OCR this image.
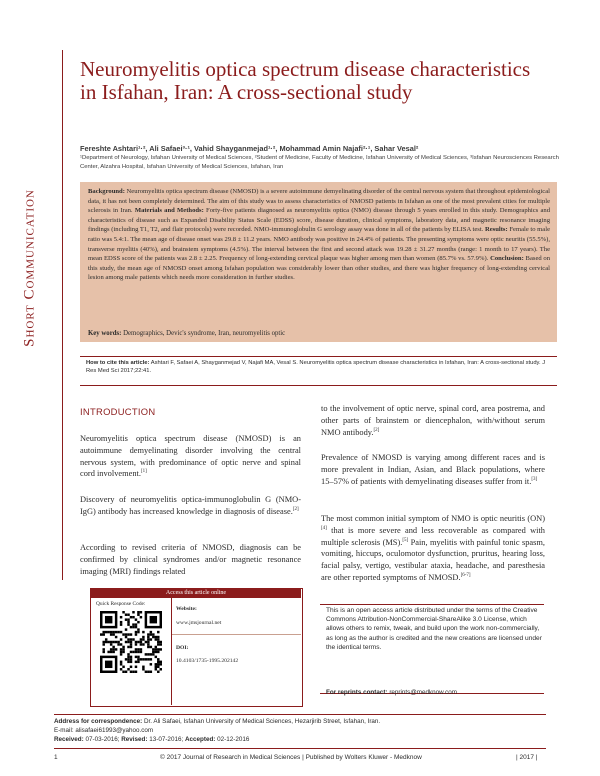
Short Communication
Neuromyelitis optica spectrum disease characteristics in Isfahan, Iran: A cross-sectional study
Fereshte Ashtari¹·², Ali Safaei³·¹, Vahid Shayganmejad¹·², Mohammad Amin Najafi²·¹, Sahar Vesal²
¹Department of Neurology, Isfahan University of Medical Sciences, ²Student of Medicine, Faculty of Medicine, Isfahan University of Medical Sciences, ³Isfahan Neurosciences Research Center, Alzahra Hospital, Isfahan University of Medical Sciences, Isfahan, Iran
Background: Neuromyelitis optica spectrum disease (NMOSD) is a severe autoimmune demyelinating disorder of the central nervous system that throughout epidemiological data, it has not been completely determined. The aim of this study was to assess characteristics of NMOSD patients in Isfahan as one of the most prevalent cities for multiple sclerosis in Iran. Materials and Methods: Forty-five patients diagnosed as neuromyelitis optica (NMO) disease through 5 years enrolled in this study. Demographics and characteristics of disease such as Expanded Disability Status Scale (EDSS) score, disease duration, clinical symptoms, laboratory data, and magnetic resonance imaging findings (including T1, T2, and flair protocols) were recorded. NMO-immunoglobulin G serology assay was done in all of the patients by ELISA test. Results: Female to male ratio was 5.4:1. The mean age of disease onset was 29.8 ± 11.2 years. NMO antibody was positive in 24.4% of patients. The presenting symptoms were optic neuritis (55.5%), transverse myelitis (40%), and brainstem symptoms (4.5%). The interval between the first and second attack was 19.28 ± 31.27 months (range: 1 month to 17 years). The mean EDSS score of the patients was 2.8 ± 2.25. Frequency of long-extending cervical plaque was higher among men than women (85.7% vs. 57.9%). Conclusion: Based on this study, the mean age of NMOSD onset among Isfahan population was considerably lower than other studies, and there was higher frequency of long-extending cervical lesion among male patients which needs more consideration in further studies.
Key words: Demographics, Devic's syndrome, Iran, neuromyelitis optic
How to cite this article: Ashtari F, Safaei A, Shayganmejad V, Najafi MA, Vesal S. Neuromyelitis optica spectrum disease characteristics in Isfahan, Iran: A cross-sectional study. J Res Med Sci 2017;22:41.
INTRODUCTION
Neuromyelitis optica spectrum disease (NMOSD) is an autoimmune demyelinating disorder involving the central nervous system, with predominance of optic nerve and spinal cord involvement.[1]
Discovery of neuromyelitis optica-immunoglobulin G (NMO-IgG) antibody has increased knowledge in diagnosis of disease.[2]
According to revised criteria of NMOSD, diagnosis can be confirmed by clinical syndromes and/or magnetic resonance imaging (MRI) findings related
Access this article online
Quick Response Code:
Website:
www.jmsjournal.net
DOI:
10.4103/1735-1995.202142
to the involvement of optic nerve, spinal cord, area postrema, and other parts of brainstem or diencephalon, with/without serum NMO antibody.[2]
Prevalence of NMOSD is varying among different races and is more prevalent in Indian, Asian, and Black populations, where 15–57% of patients with demyelinating diseases suffer from it.[3]
The most common initial symptom of NMO is optic neuritis (ON)[4] that is more severe and less recoverable as compared with multiple sclerosis (MS).[5] Pain, myelitis with painful tonic spasm, vomiting, hiccups, oculomotor dysfunction, pruritus, hearing loss, facial palsy, vertigo, vestibular ataxia, headache, and paresthesia are other reported symptoms of NMOSD.[6-7]
This is an open access article distributed under the terms of the Creative Commons Attribution-NonCommercial-ShareAlike 3.0 License, which allows others to remix, tweak, and build upon the work non-commercially, as long as the author is credited and the new creations are licensed under the identical terms.
For reprints contact: reprints@medknow.com
Address for correspondence: Dr. Ali Safaei, Isfahan University of Medical Sciences, Hezarjirib Street, Isfahan, Iran.
E-mail: alisafaei61993@yahoo.com
Received: 07-03-2016; Revised: 13-07-2016; Accepted: 02-12-2016
1	© 2017 Journal of Research in Medical Sciences | Published by Wolters Kluwer - Medknow	| 2017 |
